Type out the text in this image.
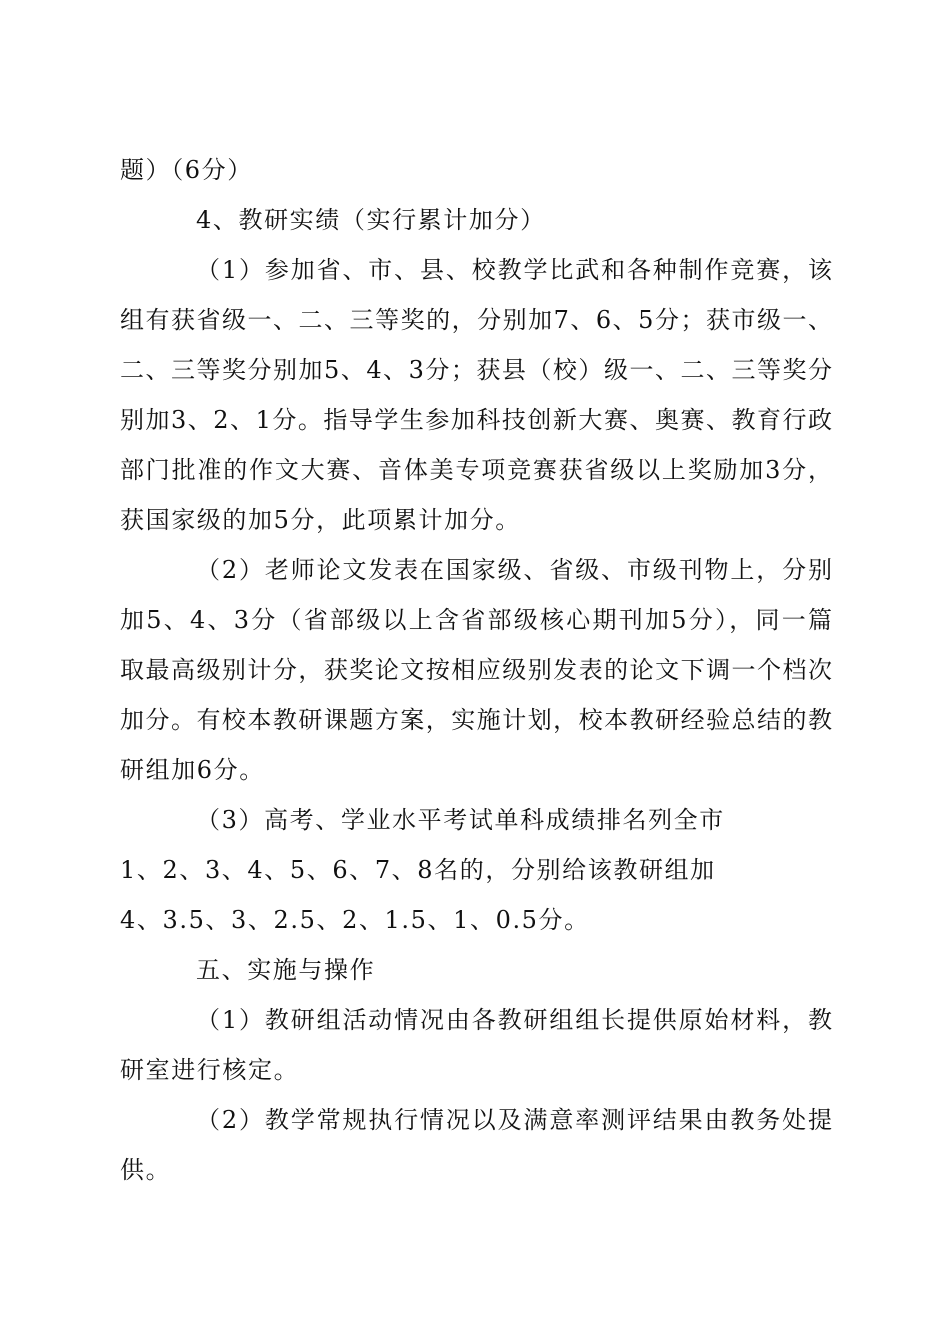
题）（6分）
4、教研实绩（实行累计加分）
（1）参加省、市、县、校教学比武和各种制作竞赛，该
组有获省级一、二、三等奖的，分别加7、6、5分；获市级一、
二、三等奖分别加5、4、3分；获县（校）级一、二、三等奖分
别加3、2、1分。指导学生参加科技创新大赛、奥赛、教育行政
部门批准的作文大赛、音体美专项竞赛获省级以上奖励加3分，
获国家级的加5分，此项累计加分。
（2）老师论文发表在国家级、省级、市级刊物上，分别
加5、4、3分（省部级以上含省部级核心期刊加5分），同一篇
取最高级别计分，获奖论文按相应级别发表的论文下调一个档次
加分。有校本教研课题方案，实施计划，校本教研经验总结的教
研组加6分。
（3）高考、学业水平考试单科成绩排名列全市
1、2、3、4、5、6、7、8名的，分别给该教研组加
4、3.5、3、2.5、2、1.5、1、0.5分。
五、实施与操作
（1）教研组活动情况由各教研组组长提供原始材料，教
研室进行核定。
（2）教学常规执行情况以及满意率测评结果由教务处提
供。
